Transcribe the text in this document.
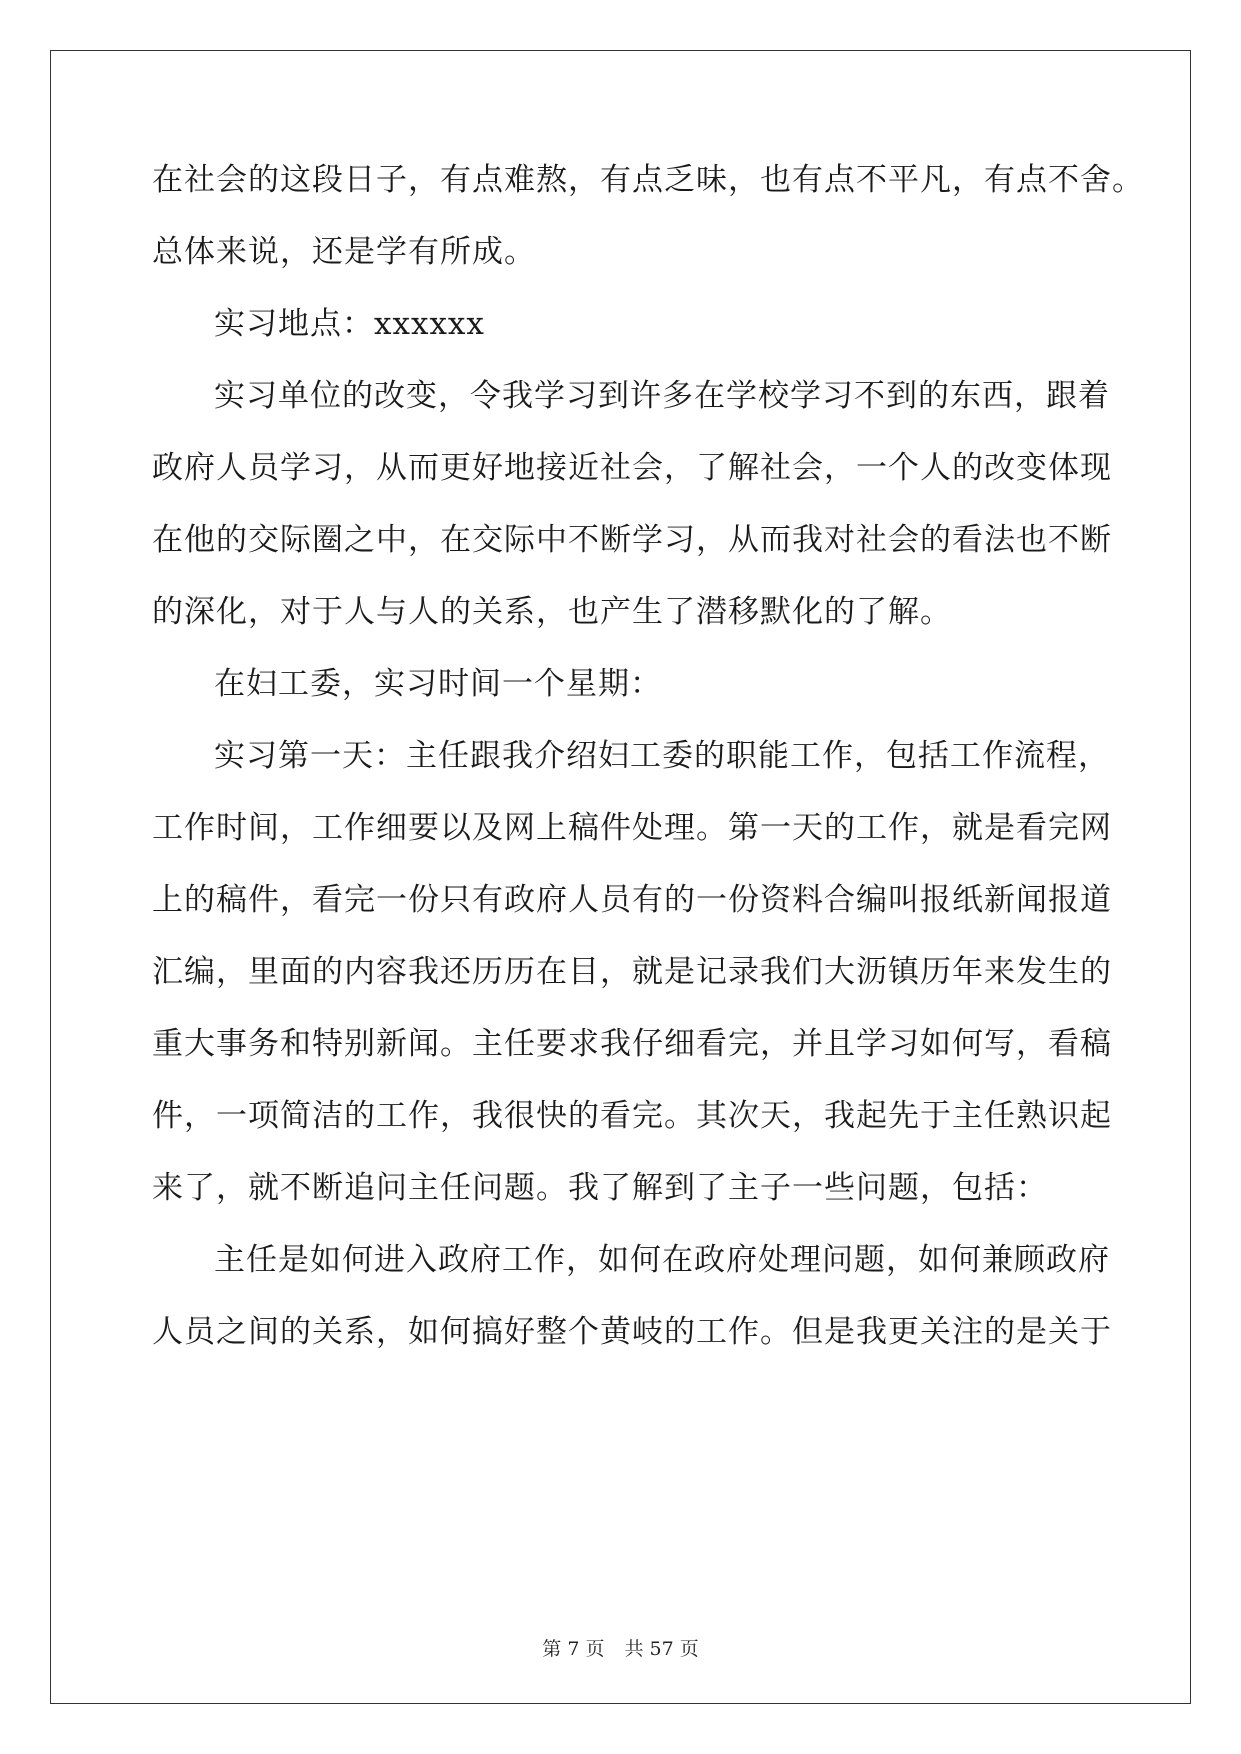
在社会的这段日子，有点难熬，有点乏味，也有点不平凡，有点不舍。
总体来说，还是学有所成。
实习地点：xxxxxx
实习单位的改变，令我学习到许多在学校学习不到的东西，跟着
政府人员学习，从而更好地接近社会，了解社会，一个人的改变体现
在他的交际圈之中，在交际中不断学习，从而我对社会的看法也不断
的深化，对于人与人的关系，也产生了潜移默化的了解。
在妇工委，实习时间一个星期：
实习第一天：主任跟我介绍妇工委的职能工作，包括工作流程，
工作时间，工作细要以及网上稿件处理。第一天的工作，就是看完网
上的稿件，看完一份只有政府人员有的一份资料合编叫报纸新闻报道
汇编，里面的内容我还历历在目，就是记录我们大沥镇历年来发生的
重大事务和特别新闻。主任要求我仔细看完，并且学习如何写，看稿
件，一项简洁的工作，我很快的看完。其次天，我起先于主任熟识起
来了，就不断追问主任问题。我了解到了主子一些问题，包括：
主任是如何进入政府工作，如何在政府处理问题，如何兼顾政府
人员之间的关系，如何搞好整个黄岐的工作。但是我更关注的是关于
第 7 页 共 57 页
